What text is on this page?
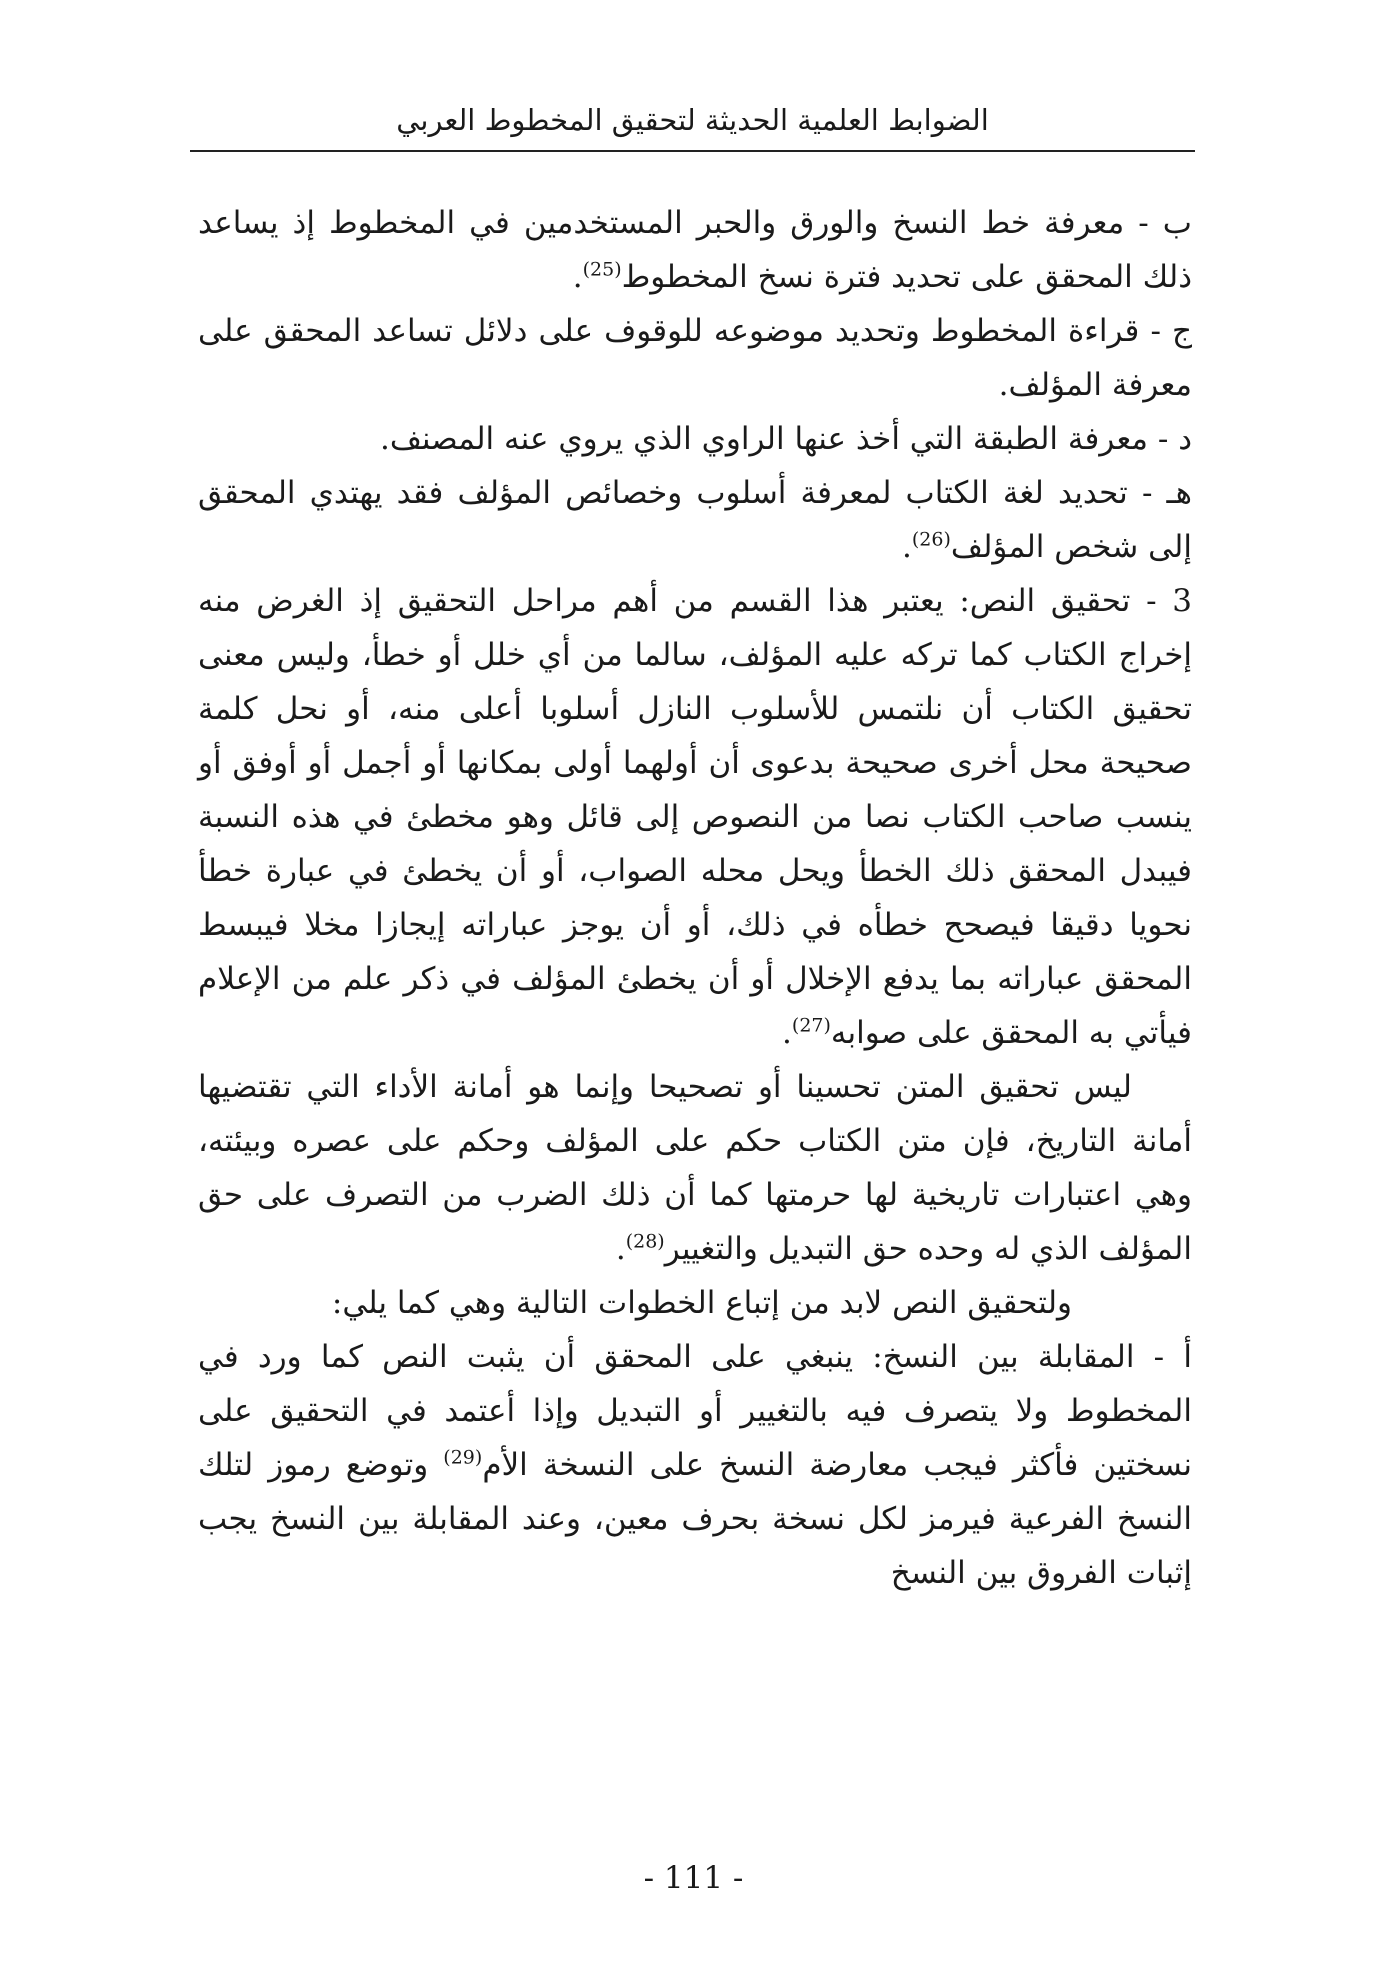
الضوابط العلمية الحديثة لتحقيق المخطوط العربي

ب - معرفة خط النسخ والورق والحبر المستخدمين في المخطوط إذ يساعد ذلك المحقق على تحديد فترة نسخ المخطوط$^{(25)}$.

ج - قراءة المخطوط وتحديد موضوعه للوقوف على دلائل تساعد المحقق على معرفة المؤلف.

د - معرفة الطبقة التي أخذ عنها الراوي الذي يروي عنه المصنف.

هـ - تحديد لغة الكتاب لمعرفة أسلوب وخصائص المؤلف فقد يهتدي المحقق إلى شخص المؤلف$^{(26)}$.

3 - تحقيق النص: يعتبر هذا القسم من أهم مراحل التحقيق إذ الغرض منه إخراج الكتاب كما تركه عليه المؤلف، سالما من أي خلل أو خطأ، وليس معنى تحقيق الكتاب أن نلتمس للأسلوب النازل أسلوبا أعلى منه، أو نحل كلمة صحيحة محل أخرى صحيحة بدعوى أن أولهما أولى بمكانها أو أجمل أو أوفق أو ينسب صاحب الكتاب نصا من النصوص إلى قائل وهو مخطئ في هذه النسبة فيبدل المحقق ذلك الخطأ ويحل محله الصواب، أو أن يخطئ في عبارة خطأ نحويا دقيقا فيصحح خطأه في ذلك، أو أن يوجز عباراته إيجازا مخلا فيبسط المحقق عباراته بما يدفع الإخلال أو أن يخطئ المؤلف في ذكر علم من الإعلام فيأتي به المحقق على صوابه$^{(27)}$.

ليس تحقيق المتن تحسينا أو تصحيحا وإنما هو أمانة الأداء التي تقتضيها أمانة التاريخ، فإن متن الكتاب حكم على المؤلف وحكم على عصره وبيئته، وهي اعتبارات تاريخية لها حرمتها كما أن ذلك الضرب من التصرف على حق المؤلف الذي له وحده حق التبديل والتغيير$^{(28)}$.

ولتحقيق النص لابد من إتباع الخطوات التالية وهي كما يلي:

أ - المقابلة بين النسخ: ينبغي على المحقق أن يثبت النص كما ورد في المخطوط ولا يتصرف فيه بالتغيير أو التبديل وإذا أعتمد في التحقيق على نسختين فأكثر فيجب معارضة النسخ على النسخة الأم$^{(29)}$ وتوضع رموز لتلك النسخ الفرعية فيرمز لكل نسخة بحرف معين، وعند المقابلة بين النسخ يجب إثبات الفروق بين النسخ

- 111 -
